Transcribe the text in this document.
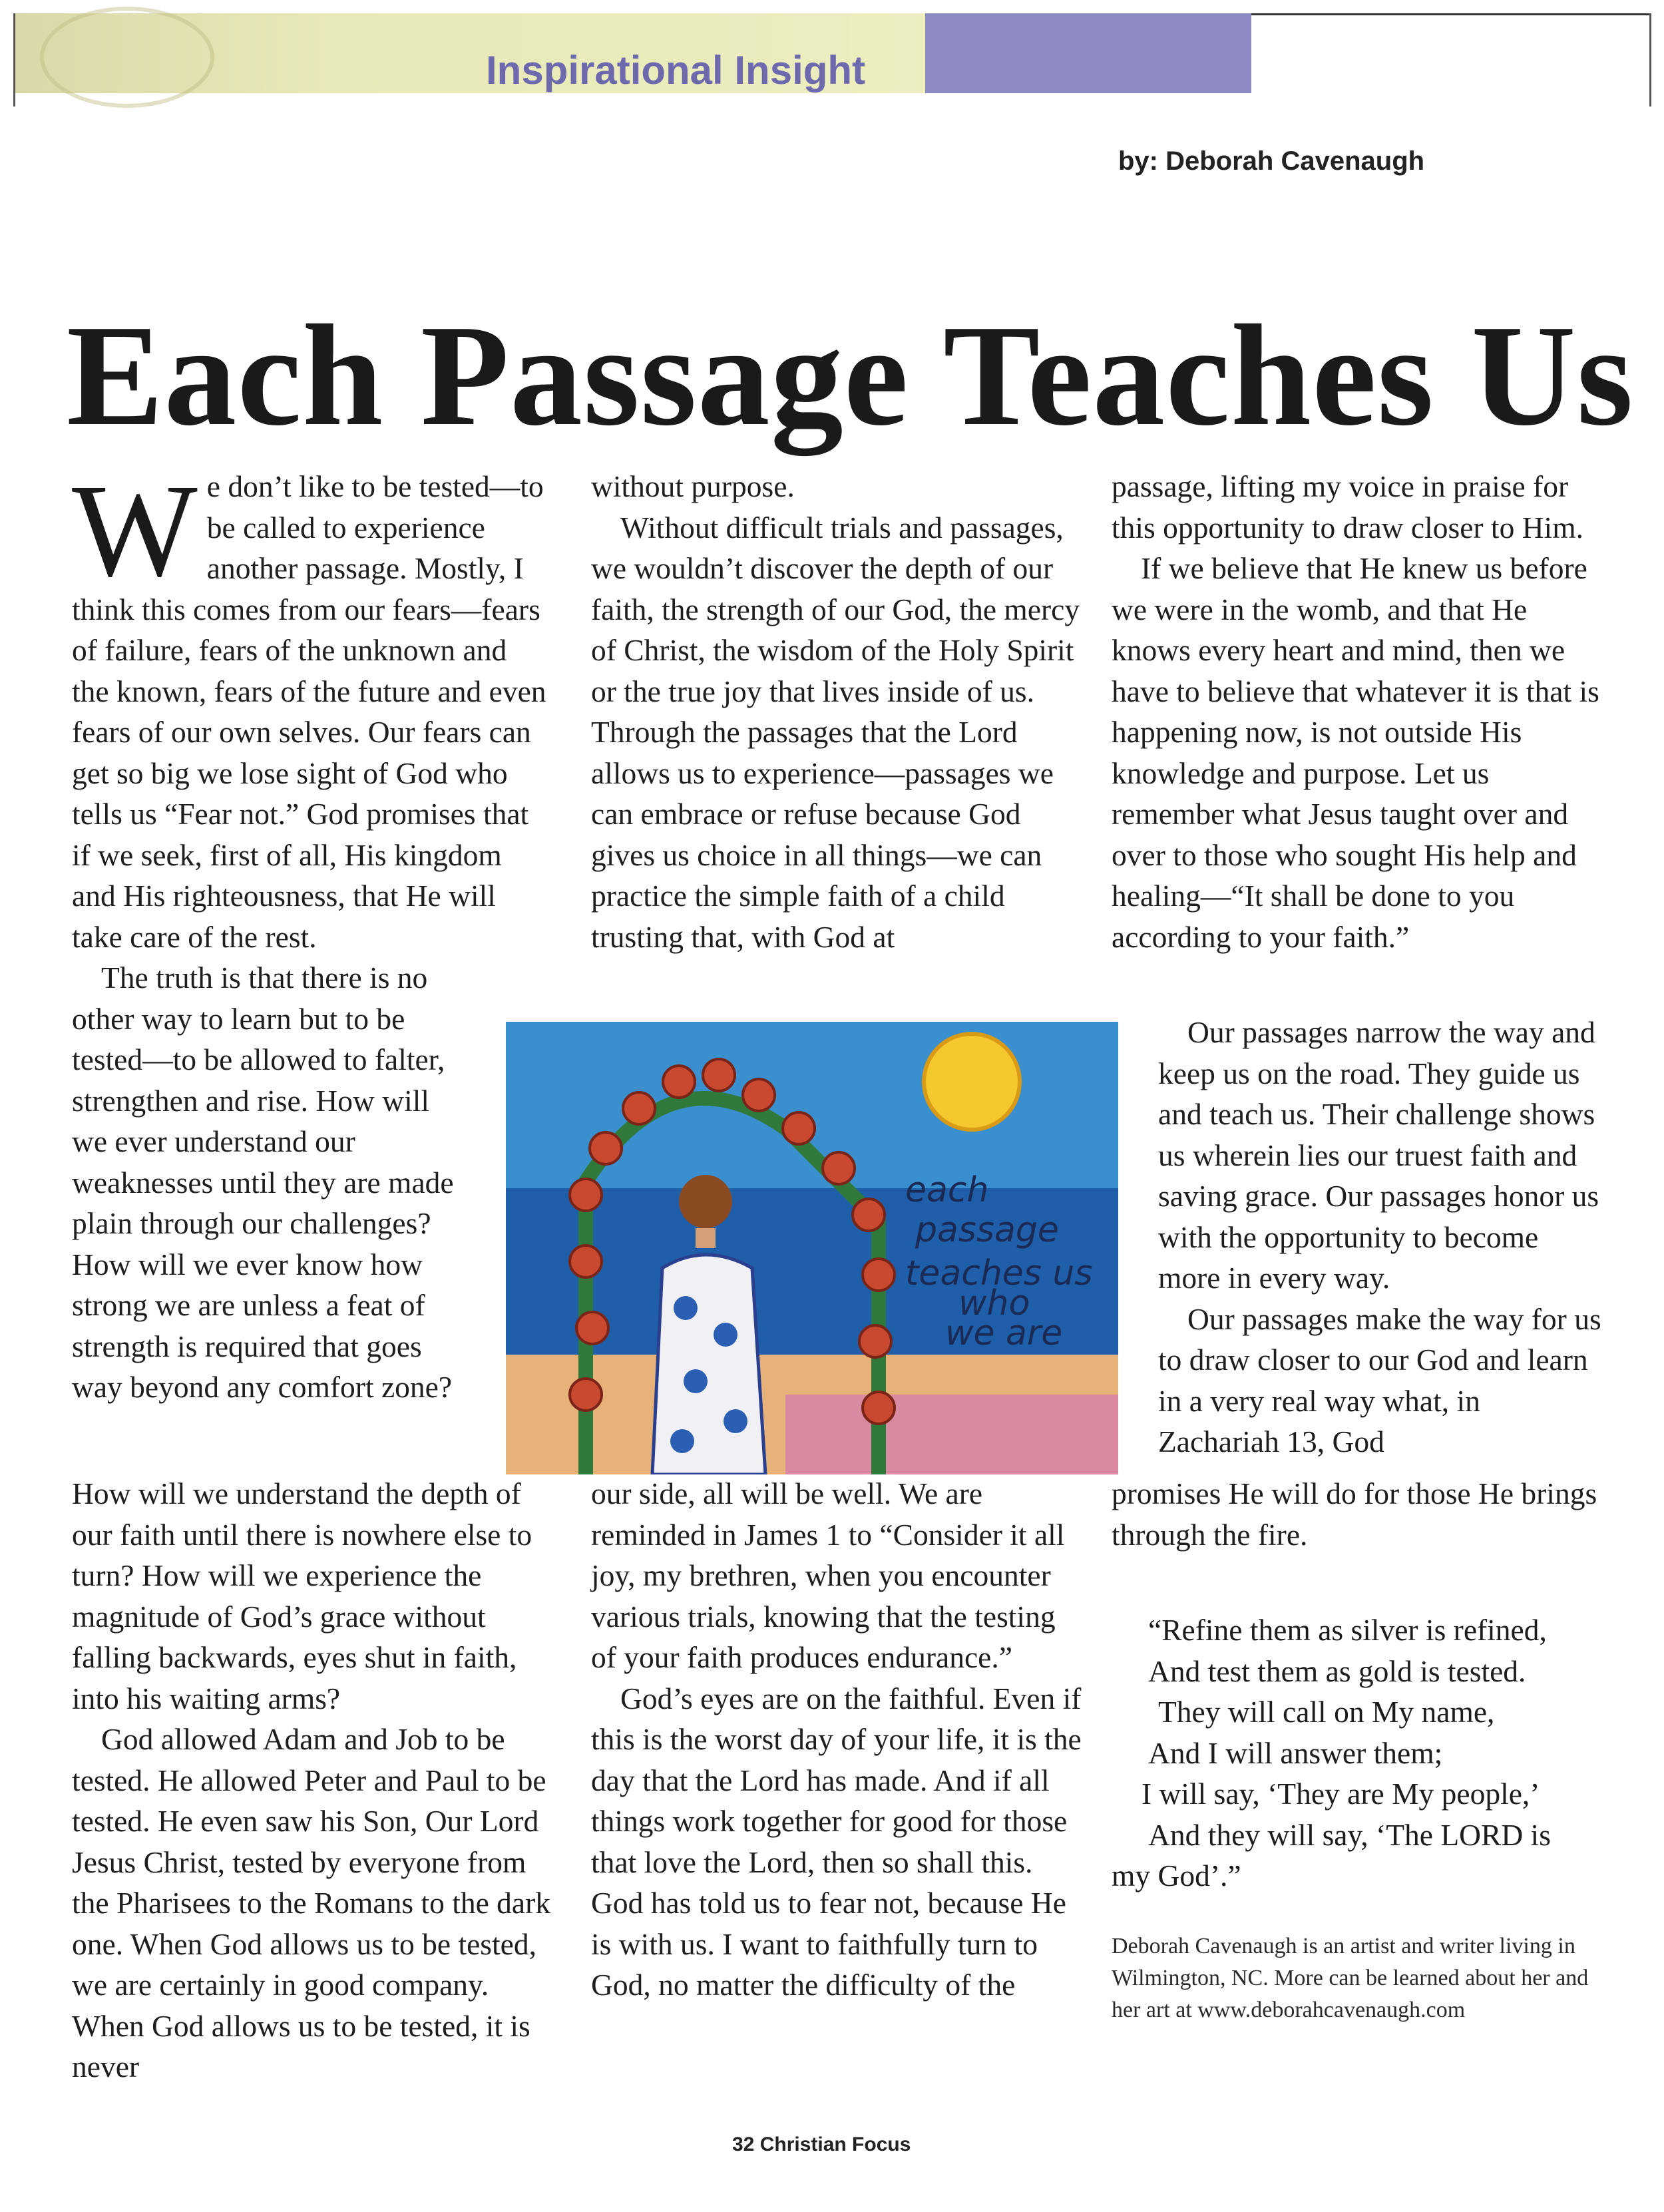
Inspirational Insight
by: Deborah Cavenaugh
Each Passage Teaches Us
W e don’t like to be tested—to be called to experience another passage. Mostly, I think this comes from our fears—fears of failure, fears of the unknown and the known, fears of the future and even fears of our own selves. Our fears can get so big we lose sight of God who tells us “Fear not.” God promises that if we seek, first of all, His kingdom and His righteousness, that He will take care of the rest.

The truth is that there is no other way to learn but to be tested—to be allowed to falter, strengthen and rise. How will we ever understand our weaknesses until they are made plain through our challenges? How will we ever know how strong we are unless a feat of strength is required that goes way beyond any comfort zone?

How will we understand the depth of our faith until there is nowhere else to turn? How will we experience the magnitude of God’s grace without falling backwards, eyes shut in faith, into his waiting arms?

God allowed Adam and Job to be tested. He allowed Peter and Paul to be tested. He even saw his Son, Our Lord Jesus Christ, tested by everyone from the Pharisees to the Romans to the dark one. When God allows us to be tested, we are certainly in good company. When God allows us to be tested, it is never

without purpose.

Without difficult trials and passages, we wouldn’t discover the depth of our faith, the strength of our God, the mercy of Christ, the wisdom of the Holy Spirit or the true joy that lives inside of us. Through the passages that the Lord allows us to experience—passages we can embrace or refuse because God gives us choice in all things—we can practice the simple faith of a child trusting that, with God at

our side, all will be well. We are reminded in James 1 to “Consider it all joy, my brethren, when you encounter various trials, knowing that the testing of your faith produces endurance.”

God’s eyes are on the faithful. Even if this is the worst day of your life, it is the day that the Lord has made. And if all things work together for good for those that love the Lord, then so shall this. God has told us to fear not, because He is with us. I want to faithfully turn to God, no matter the difficulty of the

passage, lifting my voice in praise for this opportunity to draw closer to Him.

If we believe that He knew us before we were in the womb, and that He knows every heart and mind, then we have to believe that whatever it is that is happening now, is not outside His knowledge and purpose. Let us remember what Jesus taught over and over to those who sought His help and healing—“It shall be done to you according to your faith.”

Our passages narrow the way and keep us on the road. They guide us and teach us. Their challenge shows us wherein lies our truest faith and saving grace. Our passages honor us with the opportunity to become more in every way.

Our passages make the way for us to draw closer to our God and learn in a very real way what, in Zachariah 13, God

promises He will do for those He brings through the fire.

each
passage
teaches us
who
we are
“Refine them as silver is refined,
And test them as gold is tested.
They will call on My name,
And I will answer them;
I will say, ‘They are My people,’
And they will say, ‘The LORD is
my God’.”
Deborah Cavenaugh is an artist and writer living in Wilmington, NC. More can be learned about her and her art at www.deborahcavenaugh.com
32 Christian Focus
